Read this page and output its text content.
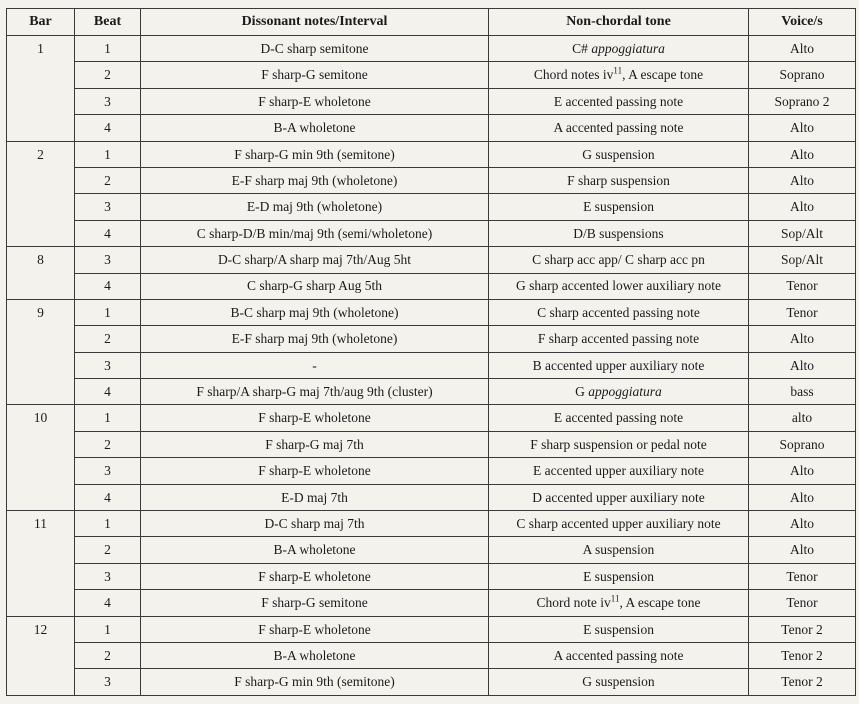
Bar	Beat	Dissonant notes/Interval	Non-chordal tone	Voice/s
1	1	D-C sharp semitone	C# appoggiatura	Alto
	2	F sharp-G semitone	Chord notes $iv^{11}$, A escape tone	Soprano
	3	F sharp-E wholetone	E accented passing note	Soprano 2
	4	B-A wholetone	A accented passing note	Alto
2	1	F sharp-G min 9th (semitone)	G suspension	Alto
	2	E-F sharp maj 9th (wholetone)	F sharp suspension	Alto
	3	E-D maj 9th (wholetone)	E suspension	Alto
	4	C sharp-D/B min/maj 9th (semi/wholetone)	D/B suspensions	Sop/Alt
8	3	D-C sharp/A sharp maj 7th/Aug 5ht	C sharp acc app/ C sharp acc pn	Sop/Alt
	4	C sharp-G sharp Aug 5th	G sharp accented lower auxiliary note	Tenor
9	1	B-C sharp maj 9th (wholetone)	C sharp accented passing note	Tenor
	2	E-F sharp maj 9th (wholetone)	F sharp accented passing note	Alto
	3	-	B accented upper auxiliary note	Alto
	4	F sharp/A sharp-G maj 7th/aug 9th (cluster)	G appoggiatura	bass
10	1	F sharp-E wholetone	E accented passing note	alto
	2	F sharp-G maj 7th	F sharp suspension or pedal note	Soprano
	3	F sharp-E wholetone	E accented upper auxiliary note	Alto
	4	E-D maj 7th	D accented upper auxiliary note	Alto
11	1	D-C sharp maj 7th	C sharp accented upper auxiliary note	Alto
	2	B-A wholetone	A suspension	Alto
	3	F sharp-E wholetone	E suspension	Tenor
	4	F sharp-G semitone	Chord note $iv^{11}$, A escape tone	Tenor
12	1	F sharp-E wholetone	E suspension	Tenor 2
	2	B-A wholetone	A accented passing note	Tenor 2
	3	F sharp-G min 9th (semitone)	G suspension	Tenor 2
